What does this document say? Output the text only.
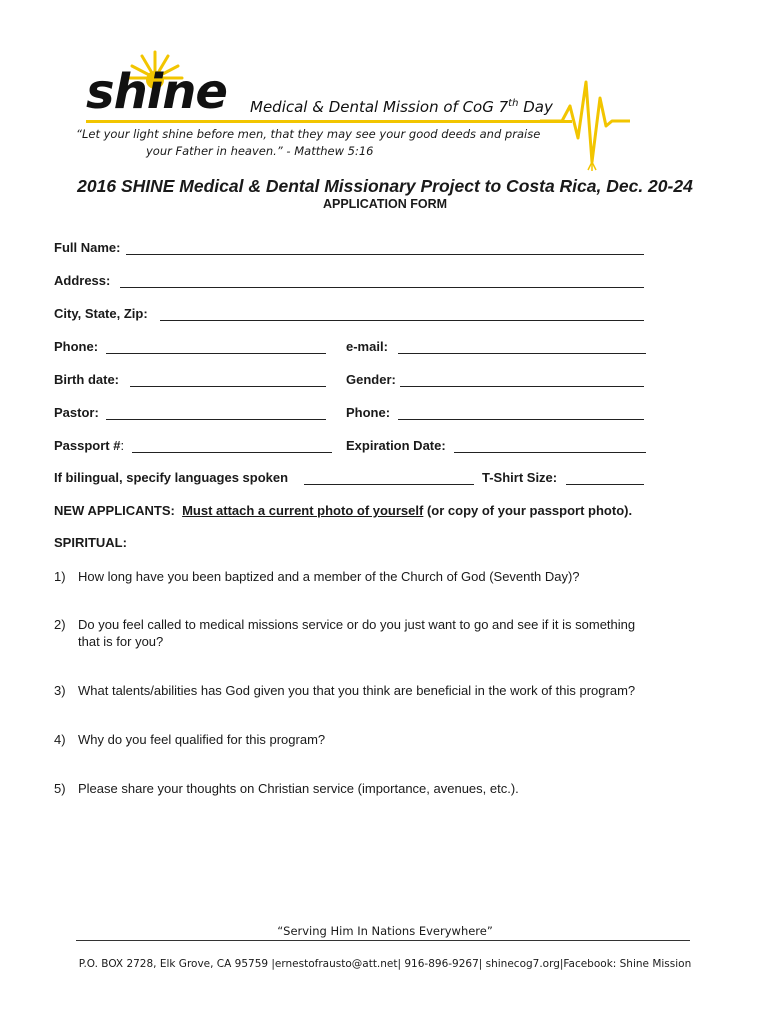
shine Medical & Dental Mission of CoG 7th Day
“Let your light shine before men, that they may see your good deeds and praise
your Father in heaven.” - Matthew 5:16
2016 SHINE Medical & Dental Missionary Project to Costa Rica, Dec. 20-24
APPLICATION FORM
Full Name:
Address:
City, State, Zip:
Phone:	e-mail:
Birth date:	Gender:
Pastor:	Phone:
Passport #:	Expiration Date:
If bilingual, specify languages spoken	T-Shirt Size:
NEW APPLICANTS: Must attach a current photo of yourself (or copy of your passport photo).
SPIRITUAL:
1) How long have you been baptized and a member of the Church of God (Seventh Day)?
2) Do you feel called to medical missions service or do you just want to go and see if it is something
that is for you?
3) What talents/abilities has God given you that you think are beneficial in the work of this program?
4) Why do you feel qualified for this program?
5) Please share your thoughts on Christian service (importance, avenues, etc.).
“Serving Him In Nations Everywhere”
P.O. BOX 2728, Elk Grove, CA 95759 |ernestofrausto@att.net| 916-896-9267| shinecog7.org|Facebook: Shine Mission
